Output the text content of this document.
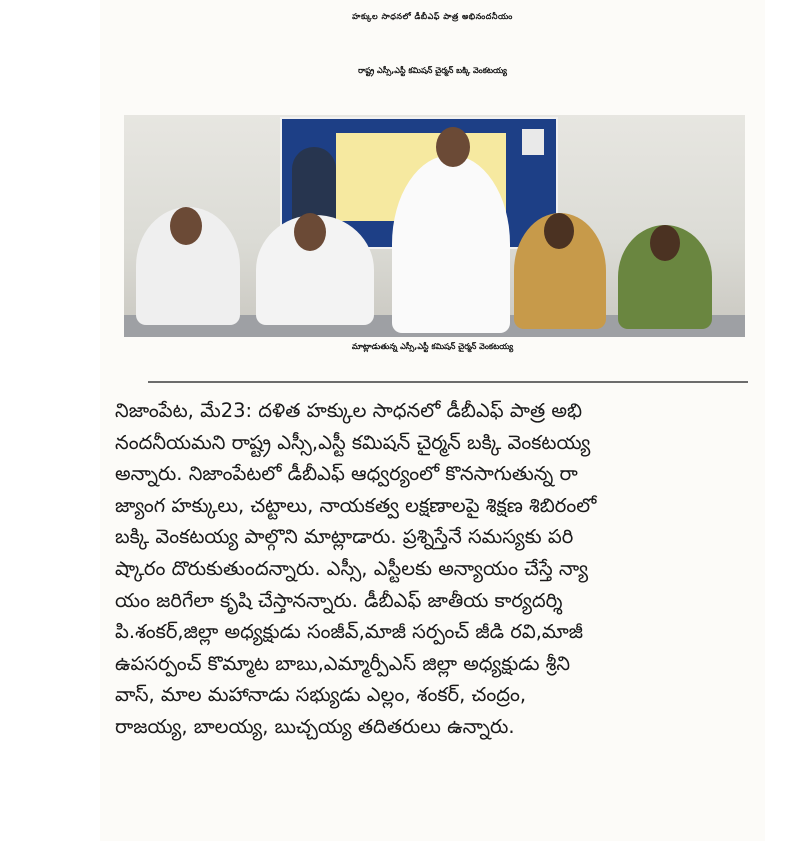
హక్కుల సాధనలో డీబీఎఫ్ పాత్ర అభినందనీయం
రాష్ట్ర ఎస్సీ,ఎస్టీ కమిషన్ చైర్మన్ బక్కి వెంకటయ్య
మాట్లాడుతున్న ఎస్సీ,ఎస్టీ కమిషన్ చైర్మన్ వెంకటయ్య
నిజాంపేట, మే23: దళిత హక్కుల సాధనలో డీబీఎఫ్ పాత్ర అభి
నందనీయమని రాష్ట్ర ఎస్సీ,ఎస్టీ కమిషన్ చైర్మన్ బక్కి వెంకటయ్య
అన్నారు. నిజాంపేటలో డీబీఎఫ్ ఆధ్వర్యంలో కొనసాగుతున్న రా
జ్యాంగ హక్కులు, చట్టాలు, నాయకత్వ లక్షణాలపై శిక్షణ శిబిరంలో
బక్కి వెంకటయ్య పాల్గొని మాట్లాడారు. ప్రశ్నిస్తేనే సమస్యకు పరి
ష్కారం దొరుకుతుందన్నారు. ఎస్సీ, ఎస్టీలకు అన్యాయం చేస్తే న్యా
యం జరిగేలా కృషి చేస్తానన్నారు. డీబీఎఫ్ జాతీయ కార్యదర్శి
పి.శంకర్,జిల్లా అధ్యక్షుడు సంజీవ్,మాజీ సర్పంచ్ జీడి రవి,మాజీ
ఉపసర్పంచ్ కొమ్మాట బాబు,ఎమ్మార్పీఎస్ జిల్లా అధ్యక్షుడు శ్రీని
వాస్, మాల మహానాడు సభ్యుడు ఎల్లం, శంకర్, చంద్రం,
రాజయ్య, బాలయ్య, బుచ్చయ్య తదితరులు ఉన్నారు.
